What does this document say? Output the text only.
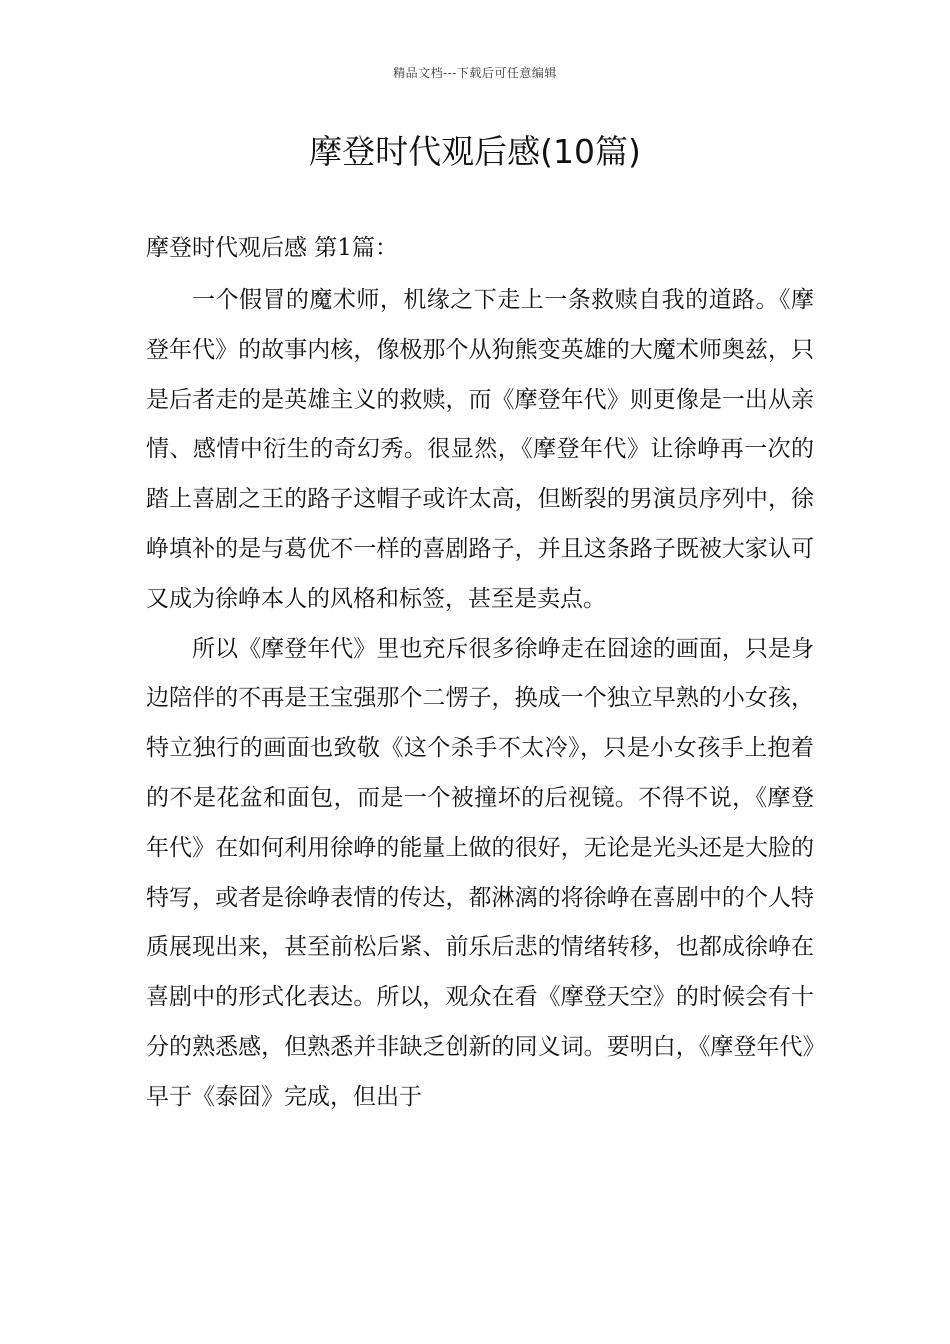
精品文档---下载后可任意编辑
摩登时代观后感(10篇)

摩登时代观后感 第1篇：

一个假冒的魔术师，机缘之下走上一条救赎自我的道路。《摩登年代》的故事内核，像极那个从狗熊变英雄的大魔术师奥兹，只是后者走的是英雄主义的救赎，而《摩登年代》则更像是一出从亲情、感情中衍生的奇幻秀。很显然，《摩登年代》让徐峥再一次的踏上喜剧之王的路子这帽子或许太高，但断裂的男演员序列中，徐峥填补的是与葛优不一样的喜剧路子，并且这条路子既被大家认可又成为徐峥本人的风格和标签，甚至是卖点。

所以《摩登年代》里也充斥很多徐峥走在囧途的画面，只是身边陪伴的不再是王宝强那个二愣子，换成一个独立早熟的小女孩，特立独行的画面也致敬《这个杀手不太冷》，只是小女孩手上抱着的不是花盆和面包，而是一个被撞坏的后视镜。不得不说，《摩登年代》在如何利用徐峥的能量上做的很好，无论是光头还是大脸的特写，或者是徐峥表情的传达，都淋漓的将徐峥在喜剧中的个人特质展现出来，甚至前松后紧、前乐后悲的情绪转移，也都成徐峥在喜剧中的形式化表达。所以，观众在看《摩登天空》的时候会有十分的熟悉感，但熟悉并非缺乏创新的同义词。要明白，《摩登年代》早于《泰囧》完成，但出于
